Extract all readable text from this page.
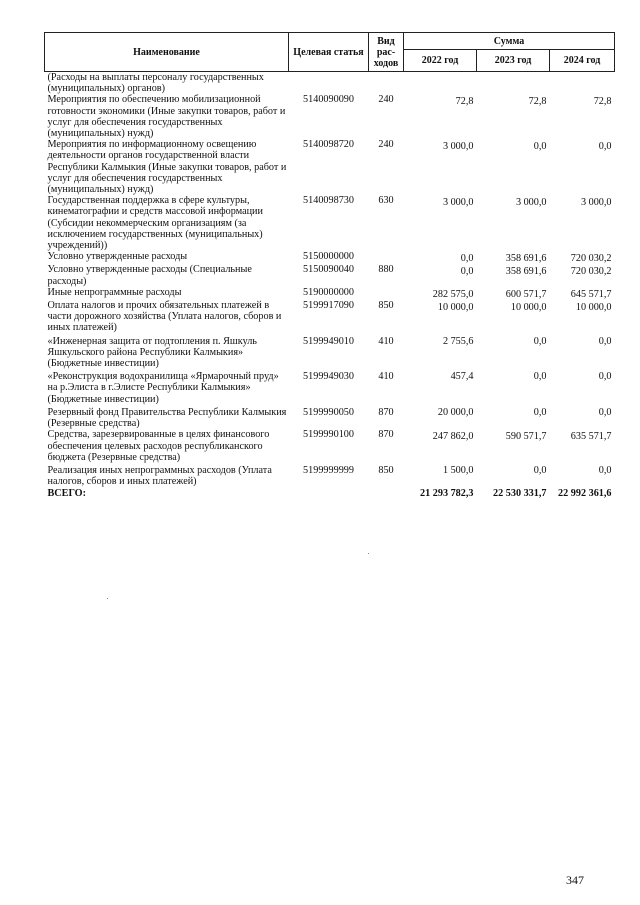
Наименование	Целевая статья	Вид рас-ходов	Сумма		
			2022 год	2023 год	2024 год
(Расходы на выплаты персоналу государственных (муниципальных) органов)					
Мероприятия по обеспечению мобилизационной готовности экономики (Иные закупки товаров, работ и услуг для обеспечения государственных (муниципальных) нужд)	5140090090	240	72,8	72,8	72,8
Мероприятия по информационному освещению деятельности органов государственной власти Республики Калмыкия (Иные закупки товаров, работ и услуг для обеспечения государственных (муниципальных) нужд)	5140098720	240	3 000,0	0,0	0,0
Государственная поддержка в сфере культуры, кинематографии и средств массовой информации (Субсидии некоммерческим организациям (за исключением государственных (муниципальных) учреждений))	5140098730	630	3 000,0	3 000,0	3 000,0
Условно утвержденные расходы	5150000000		0,0	358 691,6	720 030,2
Условно утвержденные расходы (Специальные расходы)	5150090040	880	0,0	358 691,6	720 030,2
Иные непрограммные расходы	5190000000		282 575,0	600 571,7	645 571,7
Оплата налогов и прочих обязательных платежей в части дорожного хозяйства (Уплата налогов, сборов и иных платежей)	5199917090	850	10 000,0	10 000,0	10 000,0
«Инженерная защита от подтопления п. Яшкуль Яшкульского района Республики Калмыкия» (Бюджетные инвестиции)	5199949010	410	2 755,6	0,0	0,0
«Реконструкция водохранилища «Ярмарочный пруд» на р.Элиста в г.Элисте Республики Калмыкия» (Бюджетные инвестиции)	5199949030	410	457,4	0,0	0,0
Резервный фонд Правительства Республики Калмыкия (Резервные средства)	5199990050	870	20 000,0	0,0	0,0
Средства, зарезервированные в целях финансового обеспечения целевых расходов республиканского бюджета (Резервные средства)	5199990100	870	247 862,0	590 571,7	635 571,7
Реализация иных непрограммных расходов (Уплата налогов, сборов и иных платежей)	5199999999	850	1 500,0	0,0	0,0
ВСЕГО:			21 293 782,3	22 530 331,7	22 992 361,6
347
